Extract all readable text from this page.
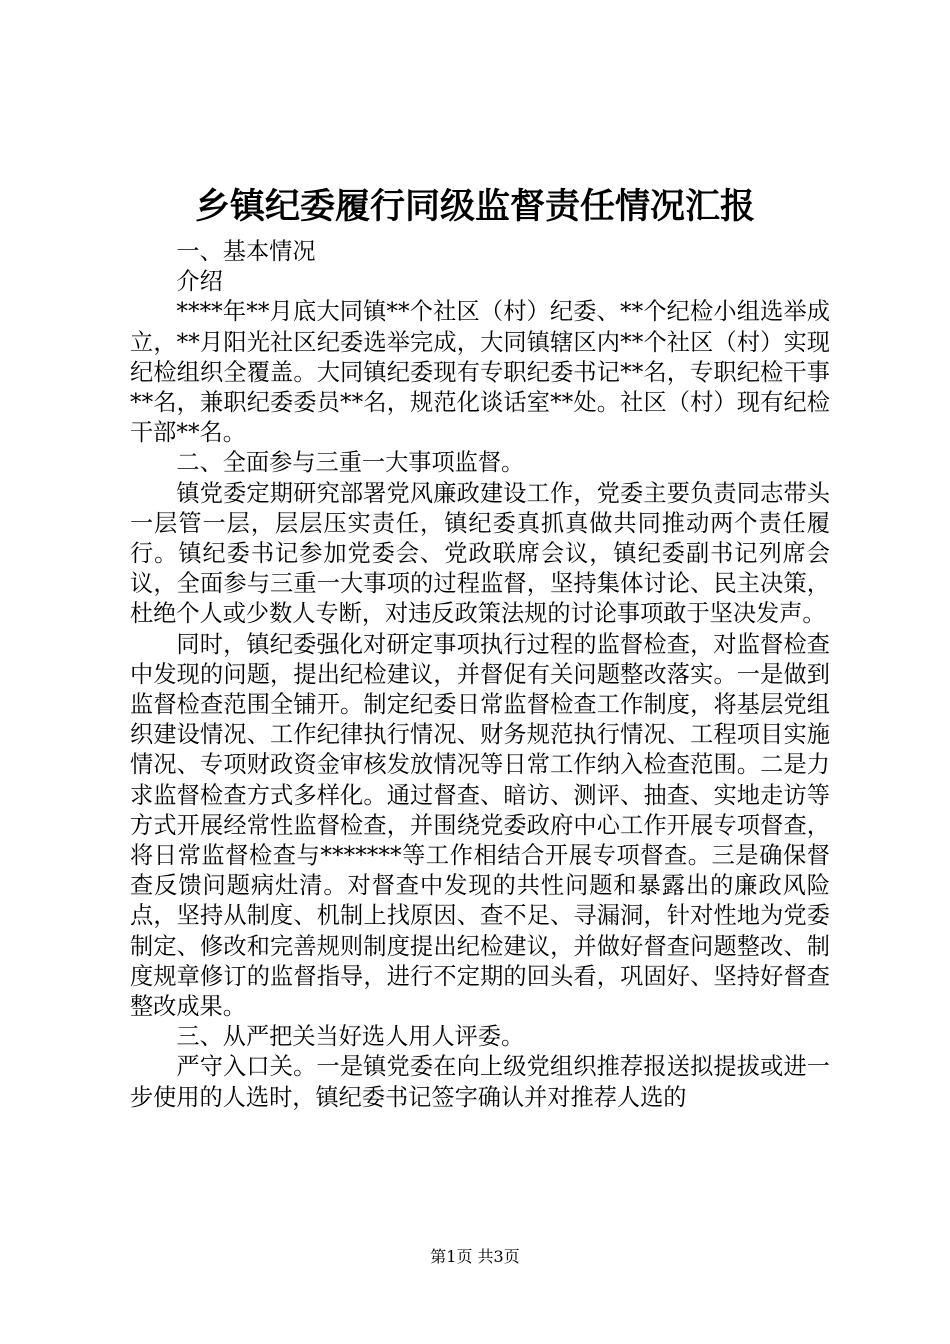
乡镇纪委履行同级监督责任情况汇报

一、基本情况

介绍

****年**月底大同镇**个社区（村）纪委、**个纪检小组选举成立，**月阳光社区纪委选举完成，大同镇辖区内**个社区（村）实现纪检组织全覆盖。大同镇纪委现有专职纪委书记**名，专职纪检干事**名，兼职纪委委员**名，规范化谈话室**处。社区（村）现有纪检干部**名。

二、全面参与三重一大事项监督。

镇党委定期研究部署党风廉政建设工作，党委主要负责同志带头一层管一层，层层压实责任，镇纪委真抓真做共同推动两个责任履行。镇纪委书记参加党委会、党政联席会议，镇纪委副书记列席会议，全面参与三重一大事项的过程监督，坚持集体讨论、民主决策，杜绝个人或少数人专断，对违反政策法规的讨论事项敢于坚决发声。

同时，镇纪委强化对研定事项执行过程的监督检查，对监督检查中发现的问题，提出纪检建议，并督促有关问题整改落实。一是做到监督检查范围全铺开。制定纪委日常监督检查工作制度，将基层党组织建设情况、工作纪律执行情况、财务规范执行情况、工程项目实施情况、专项财政资金审核发放情况等日常工作纳入检查范围。二是力求监督检查方式多样化。通过督查、暗访、测评、抽查、实地走访等方式开展经常性监督检查，并围绕党委政府中心工作开展专项督查，将日常监督检查与*******等工作相结合开展专项督查。三是确保督查反馈问题病灶清。对督查中发现的共性问题和暴露出的廉政风险点，坚持从制度、机制上找原因、查不足、寻漏洞，针对性地为党委制定、修改和完善规则制度提出纪检建议，并做好督查问题整改、制度规章修订的监督指导，进行不定期的回头看，巩固好、坚持好督查整改成果。

三、从严把关当好选人用人评委。

严守入口关。一是镇党委在向上级党组织推荐报送拟提拔或进一步使用的人选时，镇纪委书记签字确认并对推荐人选的

第1页 共3页
